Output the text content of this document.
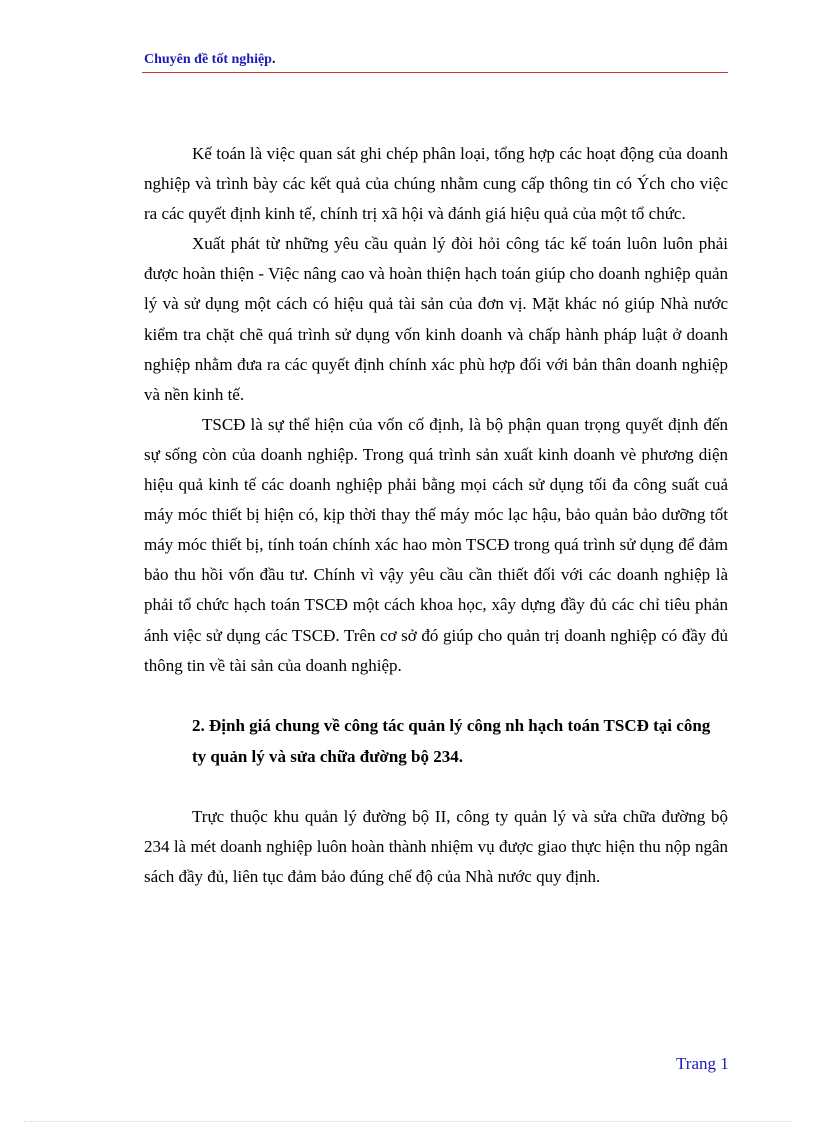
Chuyên đề tốt nghiệp.

Kế toán là việc quan sát ghi chép phân loại, tổng hợp các hoạt động của doanh nghiệp và trình bày các kết quả của chúng nhằm cung cấp thông tin có Ých cho việc ra các quyết định kinh tế, chính trị xã hội và đánh giá hiệu quả của một tổ chức.

Xuất phát từ những yêu cầu quản lý đòi hỏi công tác kế toán luôn luôn phải được hoàn thiện - Việc nâng cao và hoàn thiện hạch toán giúp cho doanh nghiệp quản lý và sử dụng một cách có hiệu quả tài sản của đơn vị. Mặt khác nó giúp Nhà nước kiểm tra chặt chẽ quá trình sử dụng vốn kinh doanh và chấp hành pháp luật ở doanh nghiệp nhằm đưa ra các quyết định chính xác phù hợp đối với bản thân doanh nghiệp và nền kinh tế.

TSCĐ là sự thể hiện của vốn cố định, là bộ phận quan trọng quyết định đến sự sống còn của doanh nghiệp. Trong quá trình sản xuất kinh doanh vè phương diện hiệu quả kinh tế các doanh nghiệp phải bằng mọi cách sử dụng tối đa công suất cuả máy móc thiết bị hiện có, kịp thời thay thế máy móc lạc hậu, bảo quản bảo dưỡng tốt máy móc thiết bị, tính toán chính xác hao mòn TSCĐ trong quá trình sử dụng để đảm bảo thu hồi vốn đầu tư. Chính vì vậy yêu cầu cần thiết đối với các doanh nghiệp là phải tổ chức hạch toán TSCĐ một cách khoa học, xây dựng đầy đủ các chỉ tiêu phản ánh việc sử dụng các TSCĐ. Trên cơ sở đó giúp cho quản trị doanh nghiệp có đầy đủ thông tin về tài sản của doanh nghiệp.

2. Định giá chung về công tác quản lý công nh hạch toán TSCĐ tại công ty quản lý và sửa chữa đường bộ 234.

Trực thuộc khu quản lý đường bộ II, công ty quản lý và sửa chữa đường bộ 234 là mét doanh nghiệp luôn hoàn thành nhiệm vụ được giao thực hiện thu nộp ngân sách đầy đủ, liên tục đảm bảo đúng chế độ của Nhà nước quy định.

Trang 1
